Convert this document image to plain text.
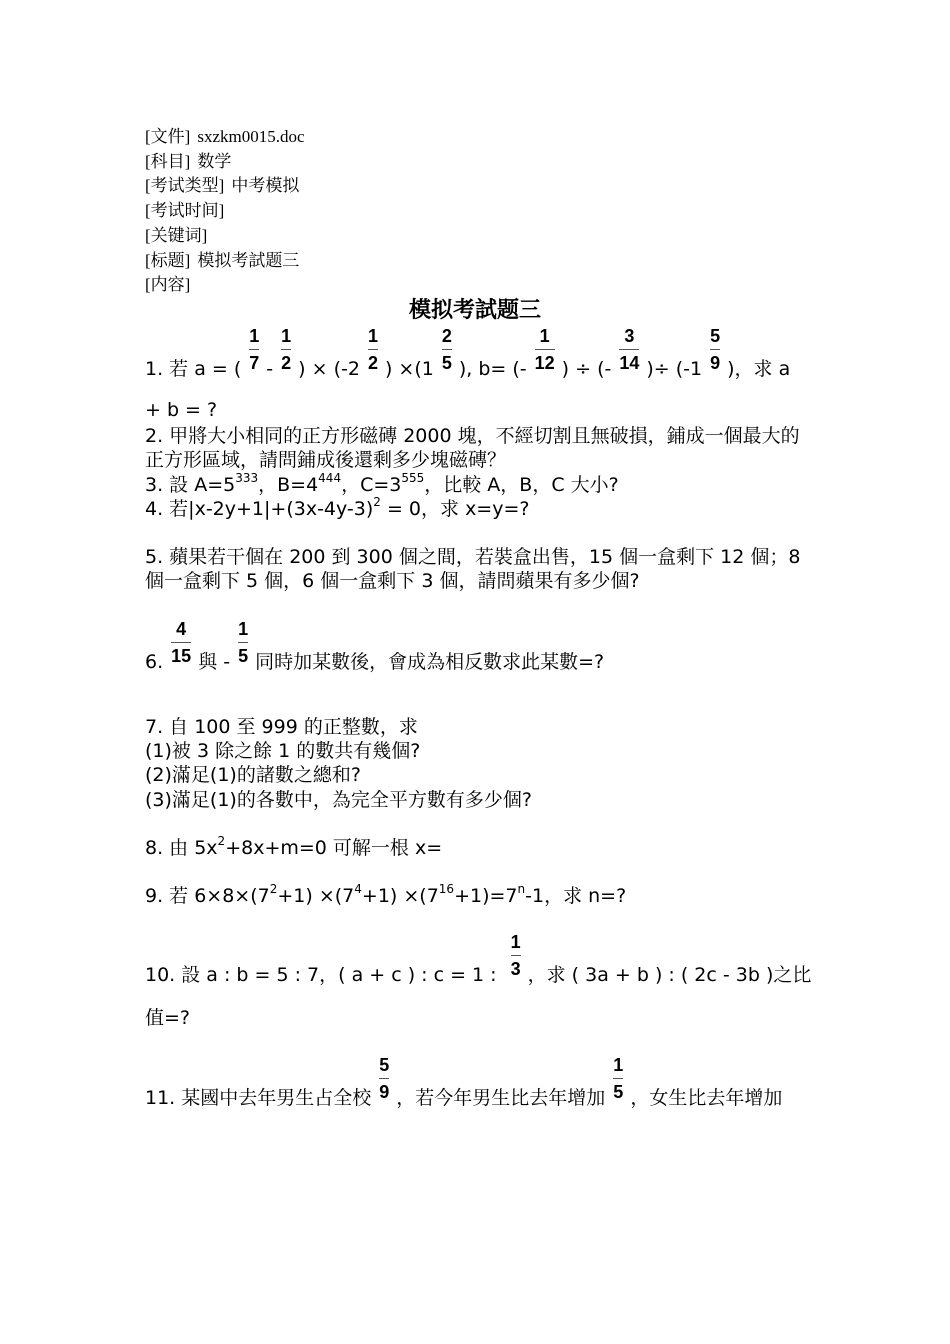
[文件] sxzkm0015.doc
[科目] 数学
[考试类型] 中考模拟
[考试时间]
[关键词]
[标题] 模拟考試题三
[内容]
模拟考試题三
1. 若 a = ( $\frac{1}{7} - \frac{1}{2}$ ) × ($-2 \frac{1}{2}$ ) $\times(1 \frac{2}{5}$ ), b= (- $\frac{1}{12}$ ) ÷ (- $\frac{3}{14}$ )÷ ($-1 \frac{5}{9}$ )，求 a
+ b = ?
2. 甲將大小相同的正方形磁磚 2000 塊，不經切割且無破損，鋪成一個最大的
正方形區域，請問鋪成後還剩多少塊磁磚？
3. 設 $A=5^{333}$，$B=4^{444}$，$C=3^{555}$，比較 A，B，C 大小?
4. 若$|x-2y+1|+(3x-4y-3)^2 = 0$，求 x=y=?
5. 蘋果若干個在 200 到 300 個之間，若裝盒出售，15 個一盒剩下 12 個；8
個一盒剩下 5 個，6 個一盒剩下 3 個，請問蘋果有多少個?
6. $\frac{4}{15}$ 與 - $\frac{1}{5}$ 同時加某數後，會成為相反數求此某數=?
7. 自 100 至 999 的正整數，求
(1)被 3 除之餘 1 的數共有幾個?
(2)滿足(1)的諸數之總和?
(3)滿足(1)的各數中，為完全平方數有多少個?
8. 由 $5x^2+8x+m=0$ 可解一根 x=
9. 若 $6\times 8\times(7^2+1) \times(7^4+1) \times(7^{16}+1)=7^n-1$，求 n=?
10. 設 a : b = 5 : 7，( a + c ) : c = 1 : $\frac{1}{3}$ ，求 ( 3a + b ) : ( 2c - 3b )之比
值=?
11. 某國中去年男生占全校 $\frac{5}{9}$ ，若今年男生比去年增加 $\frac{1}{5}$ ，女生比去年增加
